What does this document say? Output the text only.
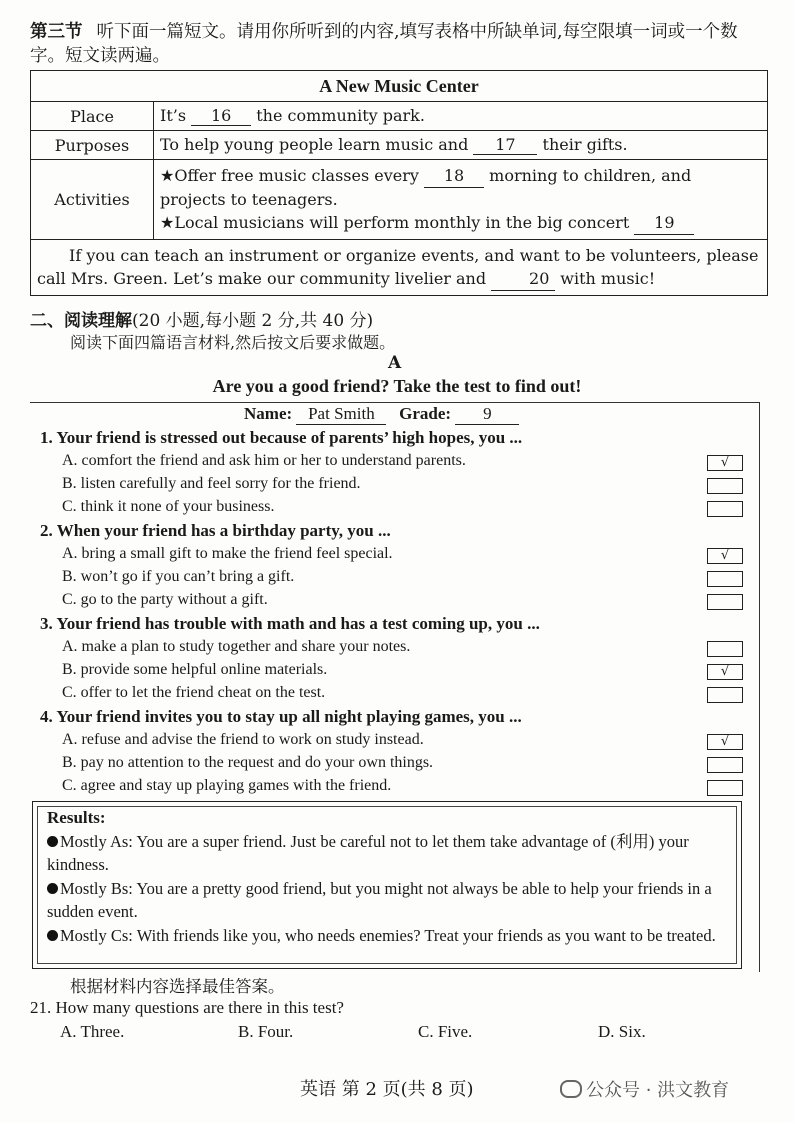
第三节 听下面一篇短文。请用你所听到的内容,填写表格中所缺单词,每空限填一词或一个数字。短文读两遍。
A New Music Center	
Place	It’s 16 the community park.
Purposes	To help young people learn music and 17 their gifts.
Activities	★Offer free music classes every 18 morning to children, and projects to teenagers.
★Local musicians will perform monthly in the big concert 19
If you can teach an instrument or organize events, and want to be volunteers, please call Mrs. Green. Let’s make our community livelier and 20 with music!	
二、阅读理解(20 小题,每小题 2 分,共 40 分)
阅读下面四篇语言材料,然后按文后要求做题。
A
Are you a good friend? Take the test to find out!
Name: Pat Smith Grade: 9
1. Your friend is stressed out because of parents’ high hopes, you ...
A. comfort the friend and ask him or her to understand parents.	√
B. listen carefully and feel sorry for the friend.
C. think it none of your business.
2. When your friend has a birthday party, you ...
A. bring a small gift to make the friend feel special.	√
B. won’t go if you can’t bring a gift.
C. go to the party without a gift.
3. Your friend has trouble with math and has a test coming up, you ...
A. make a plan to study together and share your notes.
B. provide some helpful online materials.	√
C. offer to let the friend cheat on the test.
4. Your friend invites you to stay up all night playing games, you ...
A. refuse and advise the friend to work on study instead.	√
B. pay no attention to the request and do your own things.
C. agree and stay up playing games with the friend.
Results:
Mostly As: You are a super friend. Just be careful not to let them take advantage of (利用) your kindness.
Mostly Bs: You are a pretty good friend, but you might not always be able to help your friends in a sudden event.
Mostly Cs: With friends like you, who needs enemies? Treat your friends as you want to be treated.
根据材料内容选择最佳答案。
21. How many questions are there in this test?
A. Three.	B. Four.	C. Five.	D. Six.
英语 第 2 页(共 8 页)	公众号 · 洪文教育
